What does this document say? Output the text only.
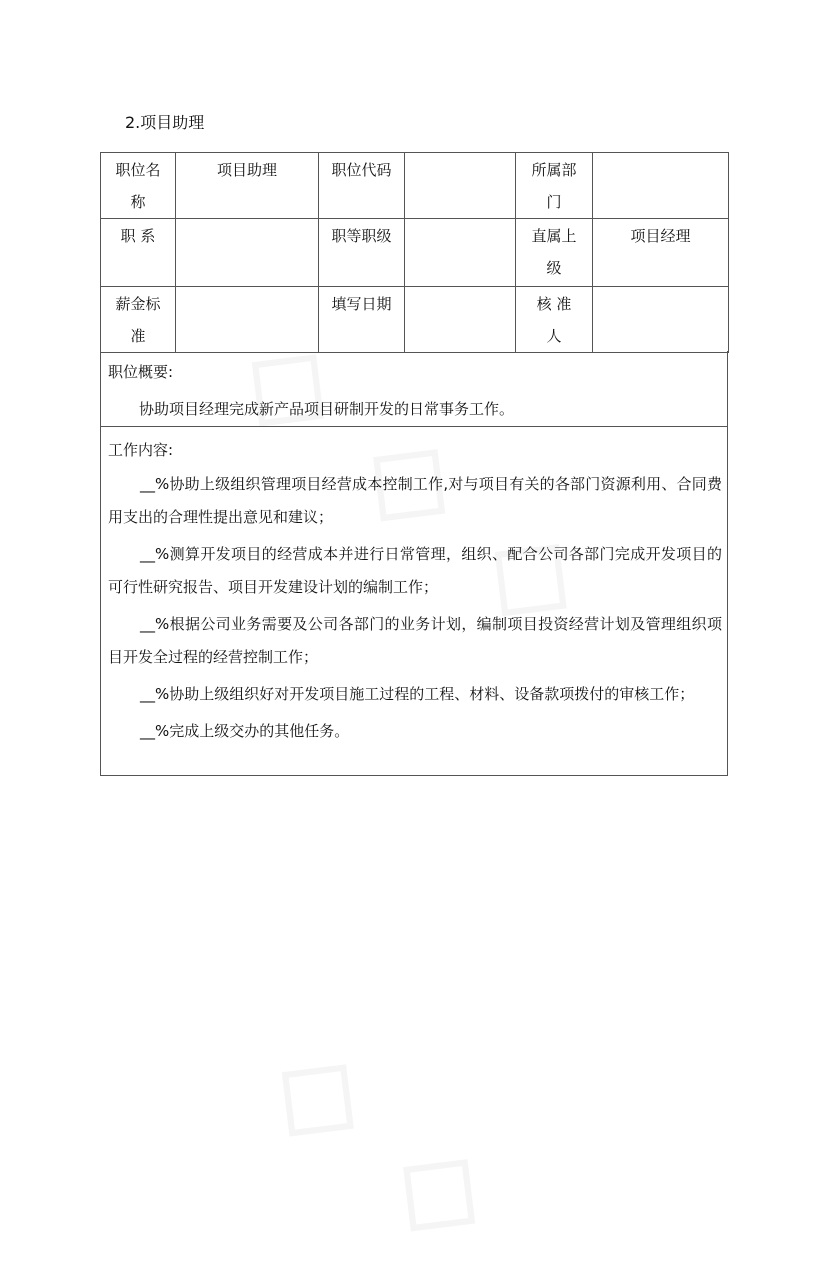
2.项目助理
职位名称	项目助理	职位代码		所属部门	
职 系		职等职级		直属上级	项目经理
薪金标准		填写日期		核 准 人	
职位概要:
协助项目经理完成新产品项目研制开发的日常事务工作。
工作内容:
__%协助上级组织管理项目经营成本控制工作,对与项目有关的各部门资源利用、合同费用支出的合理性提出意见和建议；
__%测算开发项目的经营成本并进行日常管理，组织、配合公司各部门完成开发项目的可行性研究报告、项目开发建设计划的编制工作；
__%根据公司业务需要及公司各部门的业务计划，编制项目投资经营计划及管理组织项目开发全过程的经营控制工作；
__%协助上级组织好对开发项目施工过程的工程、材料、设备款项拨付的审核工作；
__%完成上级交办的其他任务。
